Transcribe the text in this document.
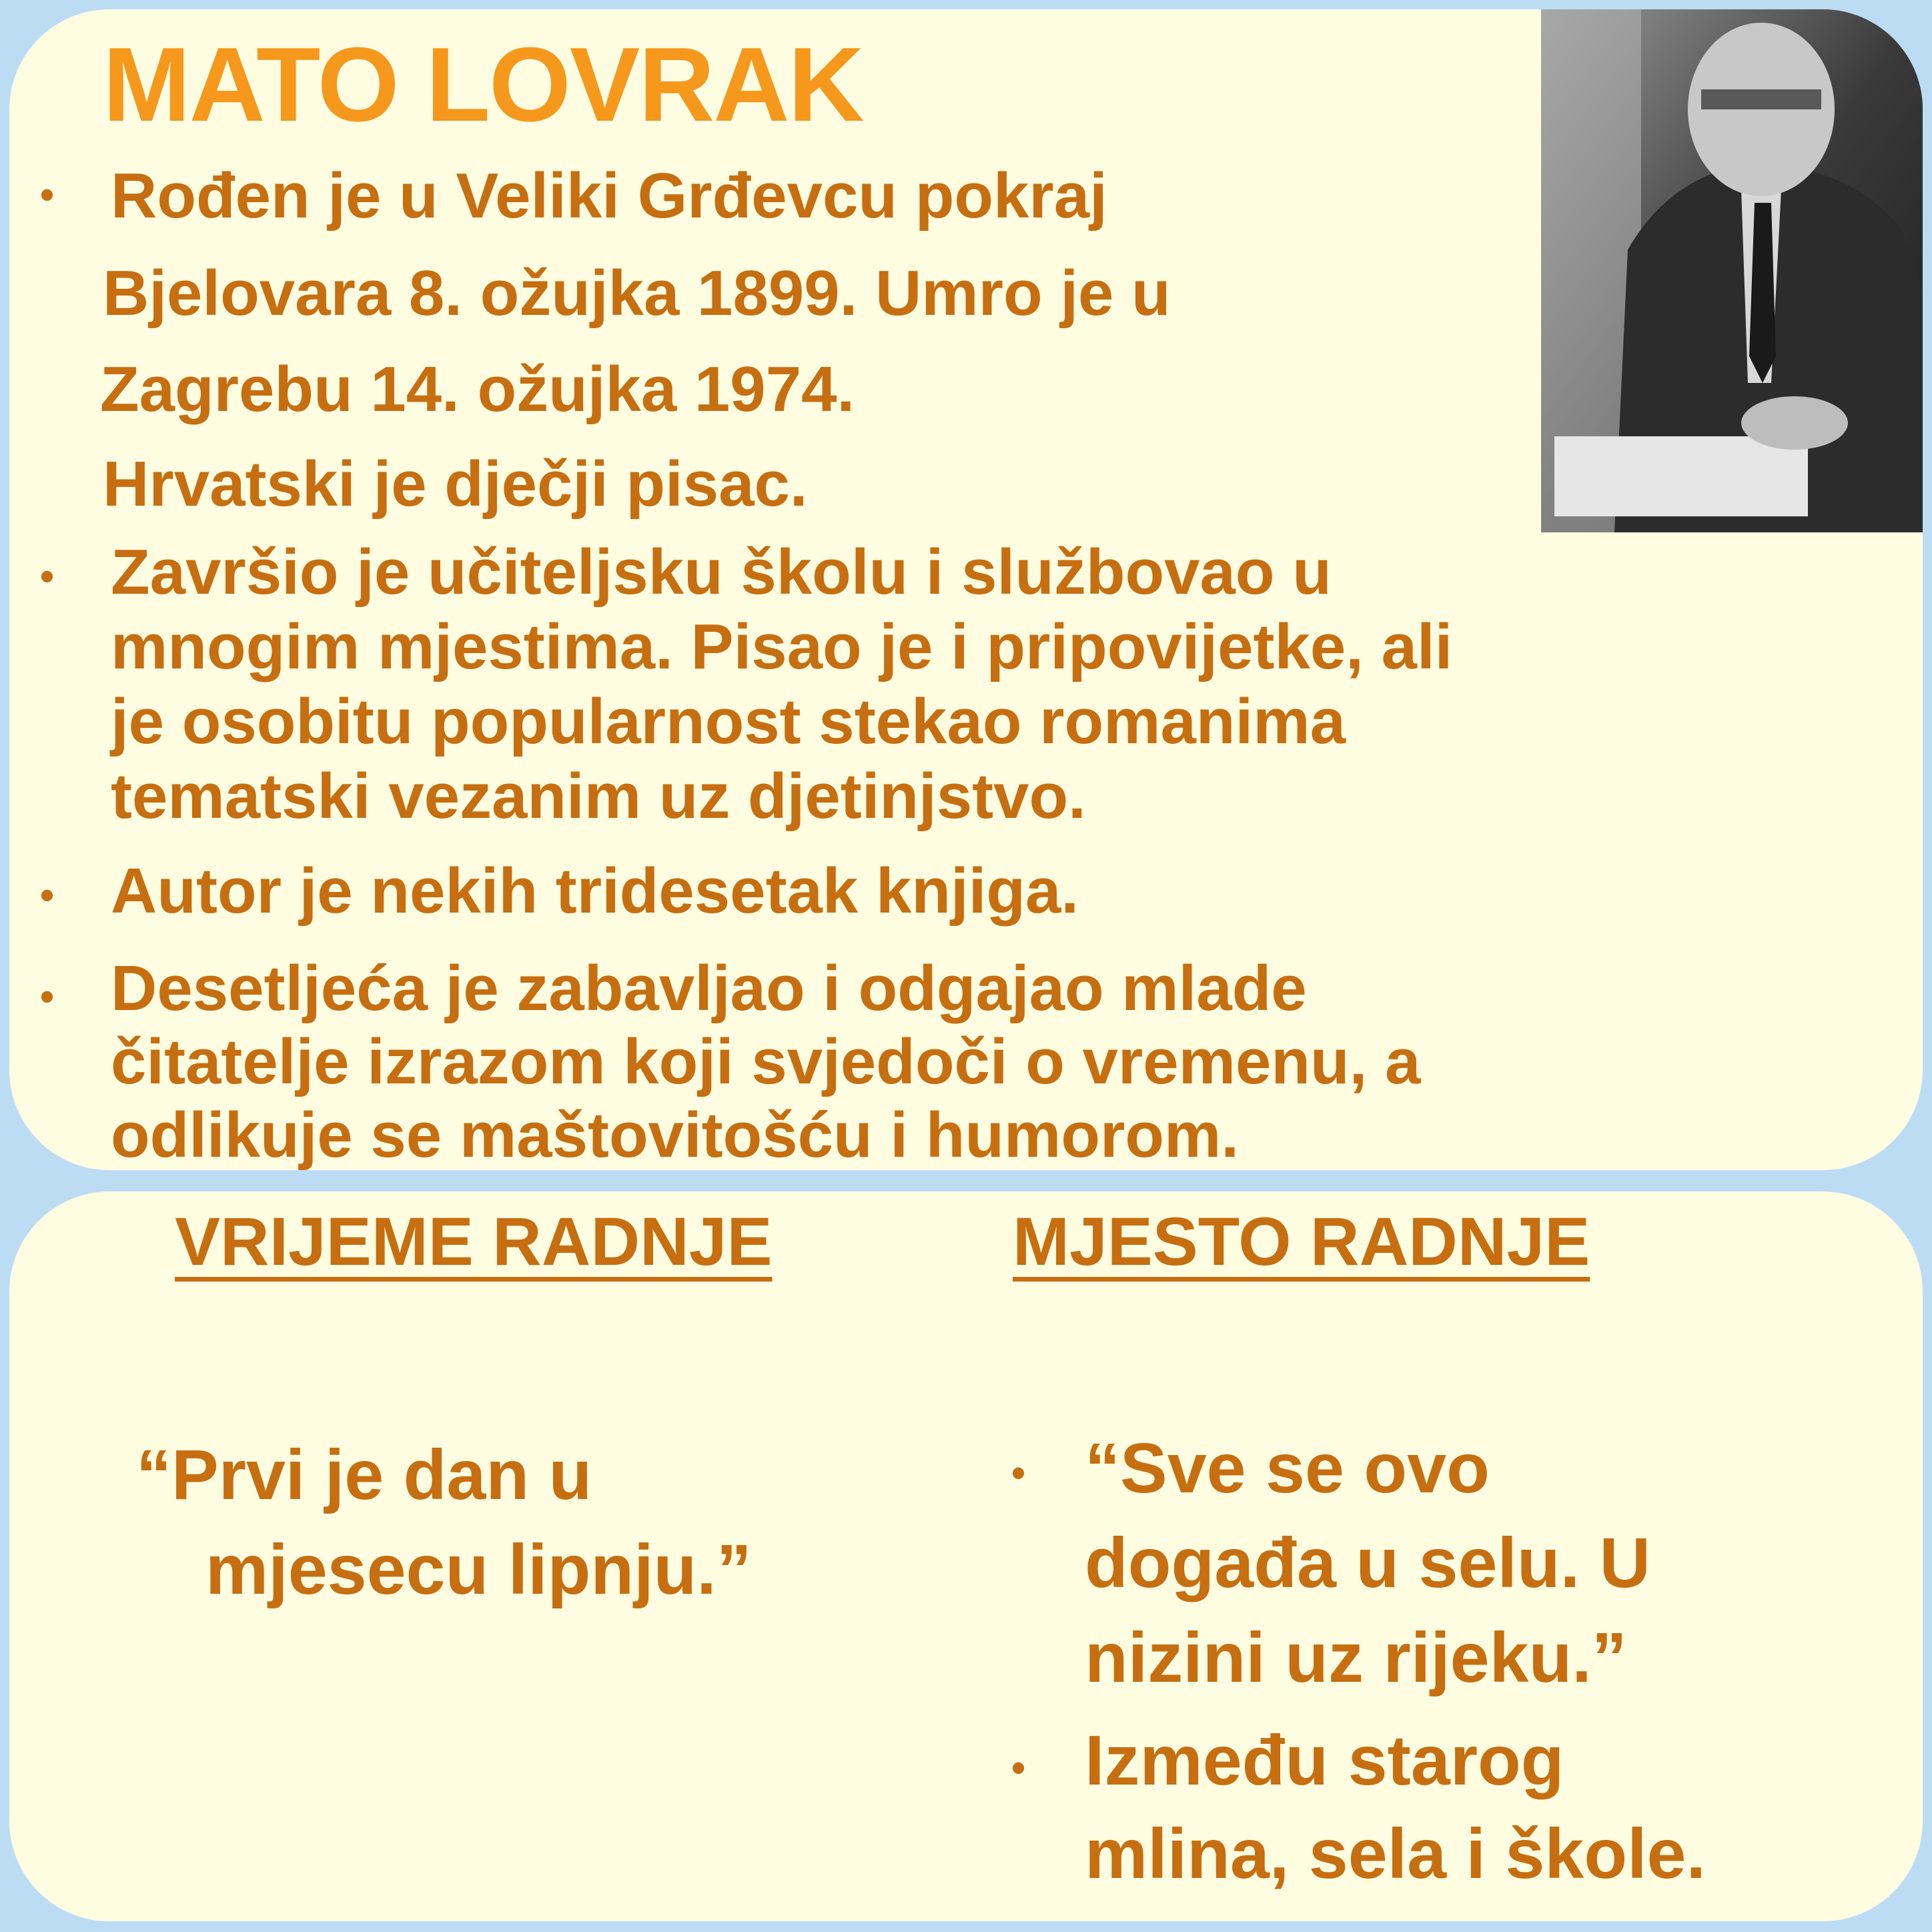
MATO LOVRAK
• Rođen je u Veliki Grđevcu pokraj
Bjelovara 8. ožujka 1899. Umro je u
Zagrebu 14. ožujka 1974.
Hrvatski je dječji pisac.
• Završio je učiteljsku školu i službovao u
mnogim mjestima. Pisao je i pripovijetke, ali
je osobitu popularnost stekao romanima
tematski vezanim uz djetinjstvo.
• Autor je nekih tridesetak knjiga.
• Desetljeća je zabavljao i odgajao mlade
čitatelje izrazom koji svjedoči o vremenu, a
odlikuje se maštovitošću i humorom.
VRIJEME RADNJE	MJESTO RADNJE
“Prvi je dan u
mjesecu lipnju.”
• “Sve se ovo
događa u selu. U
nizini uz rijeku.”
• Između starog
mlina, sela i škole.
